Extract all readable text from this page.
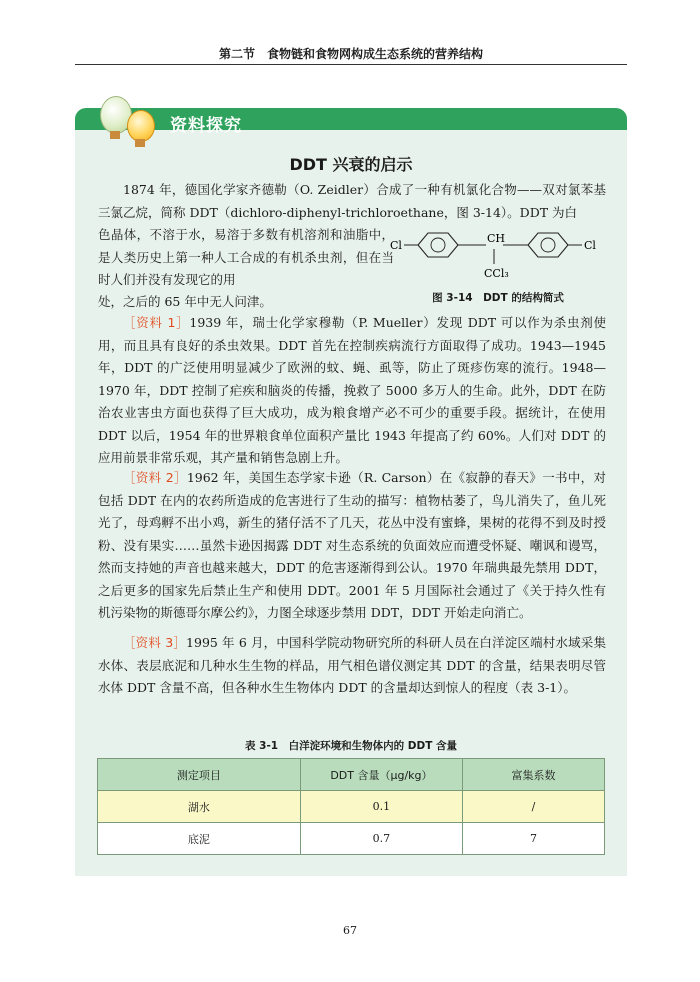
第二节　食物链和食物网构成生态系统的营养结构
资料探究
DDT 兴衰的启示

1874 年，德国化学家齐德勒（O. Zeidler）合成了一种有机氯化合物——双对氯苯基三氯乙烷，简称 DDT（dichloro-diphenyl-trichloroethane，图 3-14）。DDT 为白

色晶体，不溶于水，易溶于多数有机溶剂和油脂中，是人类历史上第一种人工合成的有机杀虫剂，但在当时人们并没有发现它的用

处，之后的 65 年中无人问津。

Cl
CH
Cl
CCl₃
图 3-14　DDT 的结构简式

［资料 1］1939 年，瑞士化学家穆勒（P. Mueller）发现 DDT 可以作为杀虫剂使用，而且具有良好的杀虫效果。DDT 首先在控制疾病流行方面取得了成功。1943—1945 年，DDT 的广泛使用明显减少了欧洲的蚊、蝇、虱等，防止了斑疹伤寒的流行。1948—1970 年，DDT 控制了疟疾和脑炎的传播，挽救了 5000 多万人的生命。此外，DDT 在防治农业害虫方面也获得了巨大成功，成为粮食增产必不可少的重要手段。据统计，在使用 DDT 以后，1954 年的世界粮食单位面积产量比 1943 年提高了约 60%。人们对 DDT 的应用前景非常乐观，其产量和销售急剧上升。

［资料 2］1962 年，美国生态学家卡逊（R. Carson）在《寂静的春天》一书中，对包括 DDT 在内的农药所造成的危害进行了生动的描写：植物枯萎了，鸟儿消失了，鱼儿死光了，母鸡孵不出小鸡，新生的猪仔活不了几天，花丛中没有蜜蜂，果树的花得不到及时授粉、没有果实……虽然卡逊因揭露 DDT 对生态系统的负面效应而遭受怀疑、嘲讽和谩骂，然而支持她的声音也越来越大，DDT 的危害逐渐得到公认。1970 年瑞典最先禁用 DDT，之后更多的国家先后禁止生产和使用 DDT。2001 年 5 月国际社会通过了《关于持久性有机污染物的斯德哥尔摩公约》，力图全球逐步禁用 DDT，DDT 开始走向消亡。

［资料 3］1995 年 6 月，中国科学院动物研究所的科研人员在白洋淀区端村水域采集水体、表层底泥和几种水生生物的样品，用气相色谱仪测定其 DDT 的含量，结果表明尽管水体 DDT 含量不高，但各种水生生物体内 DDT 的含量却达到惊人的程度（表 3-1）。

表 3-1　白洋淀环境和生物体内的 DDT 含量
测定项目	DDT 含量（μg/kg）	富集系数
湖水	0.1	/
底泥	0.7	7
67
